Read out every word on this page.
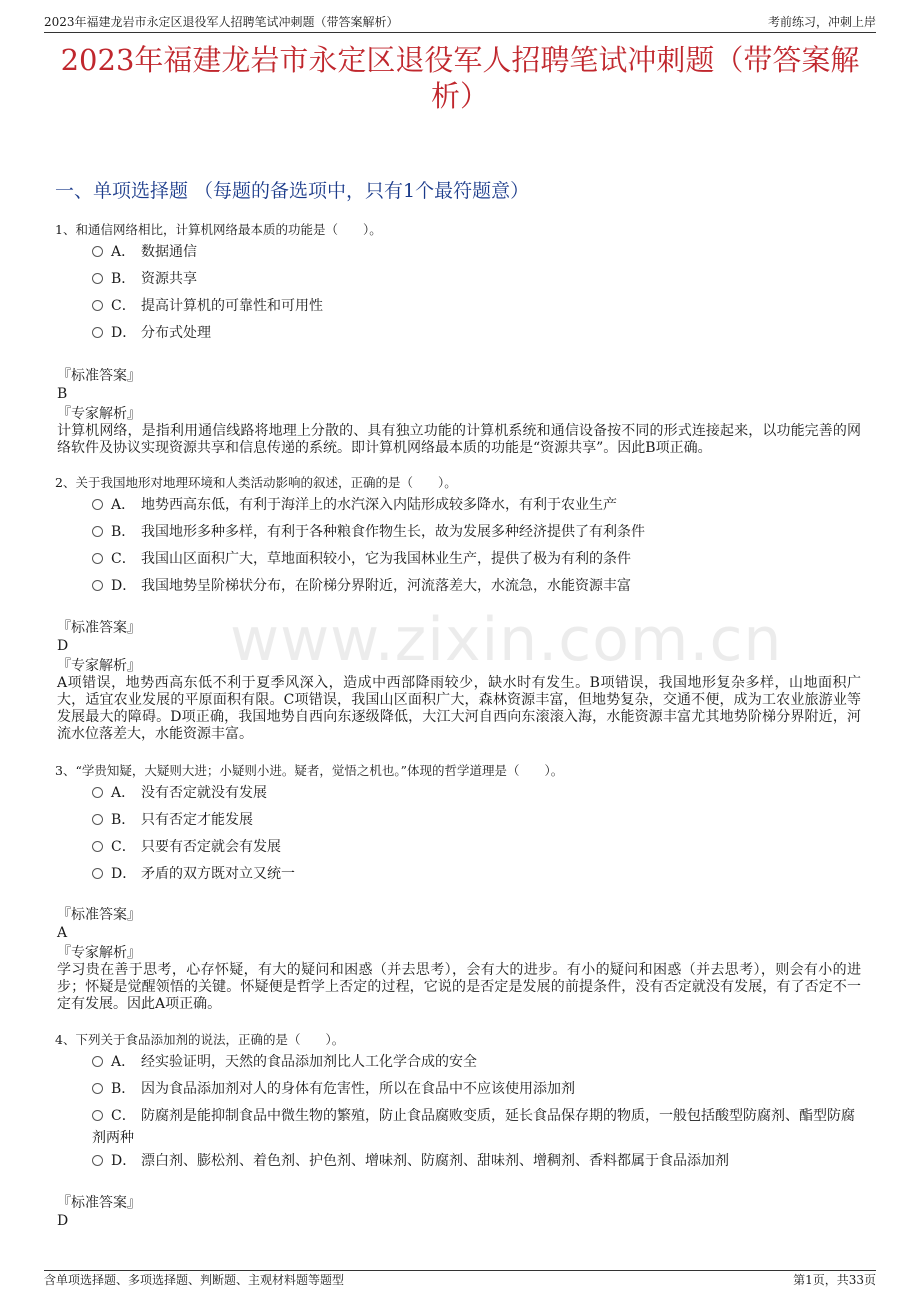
2023年福建龙岩市永定区退役军人招聘笔试冲刺题（带答案解析）	考前练习，冲刺上岸
2023年福建龙岩市永定区退役军人招聘笔试冲刺题（带答案解析）
一、单项选择题 （每题的备选项中，只有1个最符题意）
www.zixin.com.cn
1、和通信网络相比，计算机网络最本质的功能是（　　）。
A． 数据通信
B． 资源共享
C． 提高计算机的可靠性和可用性
D． 分布式处理
『标准答案』
B
『专家解析』
计算机网络，是指利用通信线路将地理上分散的、具有独立功能的计算机系统和通信设备按不同的形式连接起来，以功能完善的网络软件及协议实现资源共享和信息传递的系统。即计算机网络最本质的功能是“资源共享”。因此B项正确。
2、关于我国地形对地理环境和人类活动影响的叙述，正确的是（　　）。
A． 地势西高东低，有利于海洋上的水汽深入内陆形成较多降水，有利于农业生产
B． 我国地形多种多样，有利于各种粮食作物生长，故为发展多种经济提供了有利条件
C． 我国山区面积广大，草地面积较小，它为我国林业生产，提供了极为有利的条件
D． 我国地势呈阶梯状分布，在阶梯分界附近，河流落差大，水流急，水能资源丰富
『标准答案』
D
『专家解析』
A项错误，地势西高东低不利于夏季风深入，造成中西部降雨较少，缺水时有发生。B项错误，我国地形复杂多样，山地面积广大，适宜农业发展的平原面积有限。C项错误，我国山区面积广大，森林资源丰富，但地势复杂，交通不便，成为工农业旅游业等发展最大的障碍。D项正确，我国地势自西向东逐级降低，大江大河自西向东滚滚入海，水能资源丰富尤其地势阶梯分界附近，河流水位落差大，水能资源丰富。
3、“学贵知疑，大疑则大进；小疑则小进。疑者，觉悟之机也。”体现的哲学道理是（　　）。
A． 没有否定就没有发展
B． 只有否定才能发展
C． 只要有否定就会有发展
D． 矛盾的双方既对立又统一
『标准答案』
A
『专家解析』
学习贵在善于思考，心存怀疑，有大的疑问和困惑（并去思考），会有大的进步。有小的疑问和困惑（并去思考），则会有小的进步；怀疑是觉醒领悟的关键。怀疑便是哲学上否定的过程，它说的是否定是发展的前提条件，没有否定就没有发展，有了否定不一定有发展。因此A项正确。
4、下列关于食品添加剂的说法，正确的是（　　）。
A． 经实验证明，天然的食品添加剂比人工化学合成的安全
B． 因为食品添加剂对人的身体有危害性，所以在食品中不应该使用添加剂
C． 防腐剂是能抑制食品中微生物的繁殖，防止食品腐败变质，延长食品保存期的物质，一般包括酸型防腐剂、酯型防腐剂两种
D． 漂白剂、膨松剂、着色剂、护色剂、增味剂、防腐剂、甜味剂、增稠剂、香料都属于食品添加剂
『标准答案』
D
含单项选择题、多项选择题、判断题、主观材料题等题型	第1页，共33页
